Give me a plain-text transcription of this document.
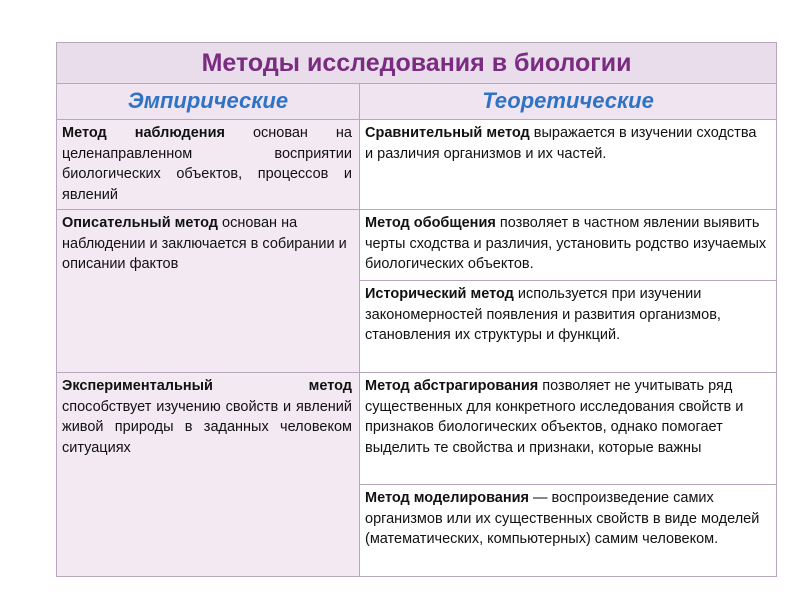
Методы исследования в биологии	
Эмпирические	Теоретические
Метод наблюдения основан на целенаправленном восприятии биологических объектов, процессов и явлений	Сравнительный метод выражается в изучении сходства и различия организмов и их частей.
Описательный метод основан на наблюдении и заключается в собирании и описании фактов	Метод обобщения позволяет в частном явлении выявить черты сходства и различия, установить родство изучаемых биологических объектов.
	Исторический метод используется при изучении закономерностей появления и развития организмов, становления их структуры и функций.
Экспериментальный метод способствует изучению свойств и явлений живой природы в заданных человеком ситуациях	Метод абстрагирования позволяет не учитывать ряд существенных для конкретного исследования свойств и признаков биологических объектов, однако помогает выделить те свойства и признаки, которые важны
	Метод моделирования — воспроизведение самих организмов или их существенных свойств в виде моделей (математических, компьютерных) самим человеком.
